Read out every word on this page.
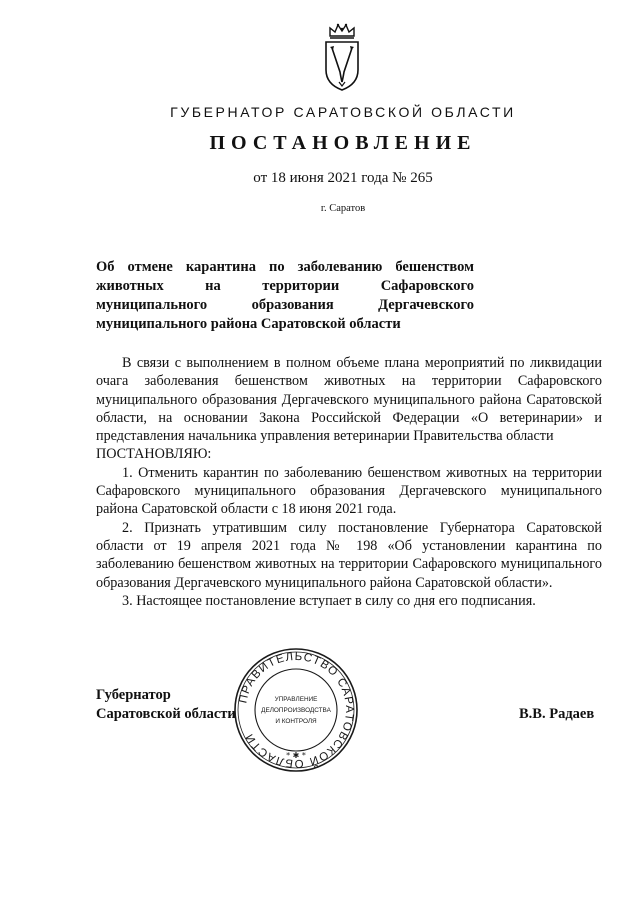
ГУБЕРНАТОР САРАТОВСКОЙ ОБЛАСТИ
ПОСТАНОВЛЕНИЕ
от 18 июня 2021 года № 265
г. Саратов
Об отмене карантина по заболеванию бешенством животных на территории Сафаровского муниципального образования Дергачевского муниципального района Саратовской области

В связи с выполнением в полном объеме плана мероприятий по ликвидации очага заболевания бешенством животных на территории Сафаровского муниципального образования Дергачевского муниципального района Саратовской области, на основании Закона Российской Федерации «О ветеринарии» и представления начальника управления ветеринарии Правительства области

ПОСТАНОВЛЯЮ:

1. Отменить карантин по заболеванию бешенством животных на территории Сафаровского муниципального образования Дергачевского муниципального района Саратовской области с 18 июня 2021 года.

2. Признать утратившим силу постановление Губернатора Саратовской области от 19 апреля 2021 года № 198 «Об установлении карантина по заболеванию бешенством животных на территории Сафаровского муниципального образования Дергачевского муниципального района Саратовской области».

3. Настоящее постановление вступает в силу со дня его подписания.

Губернатор
Саратовской области	В.В. Радаев
ПРАВИТЕЛЬСТВО САРАТОВСКОЙ ОБЛАСТИ
УПРАВЛЕНИЕ
ДЕЛОПРОИЗВОДСТВА
И КОНТРОЛЯ
* ✱ *
